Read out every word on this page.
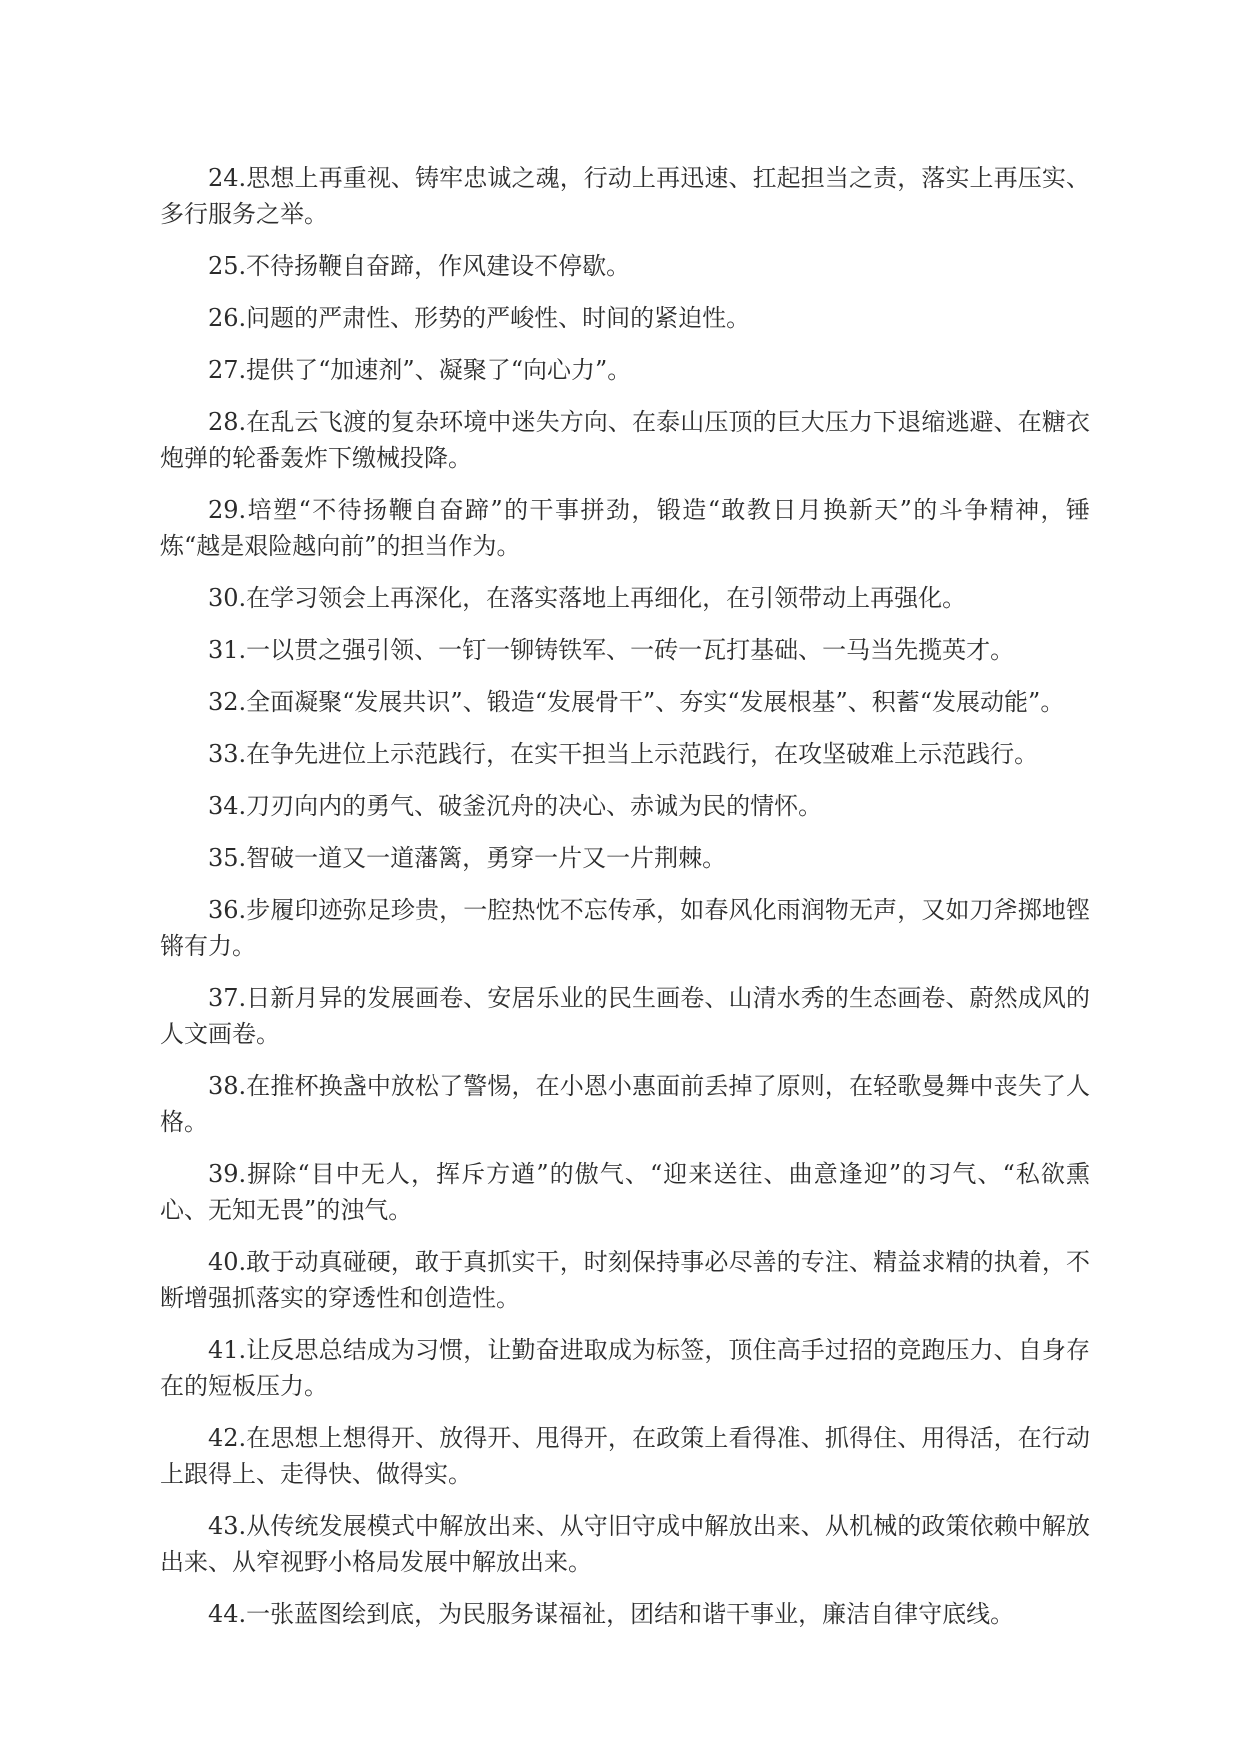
24.思想上再重视、铸牢忠诚之魂，行动上再迅速、扛起担当之责，落实上再压实、多行服务之举。

25.不待扬鞭自奋蹄，作风建设不停歇。

26.问题的严肃性、形势的严峻性、时间的紧迫性。

27.提供了“加速剂”、凝聚了“向心力”。

28.在乱云飞渡的复杂环境中迷失方向、在泰山压顶的巨大压力下退缩逃避、在糖衣炮弹的轮番轰炸下缴械投降。

29.培塑“不待扬鞭自奋蹄”的干事拼劲，锻造“敢教日月换新天”的斗争精神，锤炼“越是艰险越向前”的担当作为。

30.在学习领会上再深化，在落实落地上再细化，在引领带动上再强化。

31.一以贯之强引领、一钉一铆铸铁军、一砖一瓦打基础、一马当先揽英才。

32.全面凝聚“发展共识”、锻造“发展骨干”、夯实“发展根基”、积蓄“发展动能”。

33.在争先进位上示范践行，在实干担当上示范践行，在攻坚破难上示范践行。

34.刀刃向内的勇气、破釜沉舟的决心、赤诚为民的情怀。

35.智破一道又一道藩篱，勇穿一片又一片荆棘。

36.步履印迹弥足珍贵，一腔热忱不忘传承，如春风化雨润物无声，又如刀斧掷地铿锵有力。

37.日新月异的发展画卷、安居乐业的民生画卷、山清水秀的生态画卷、蔚然成风的人文画卷。

38.在推杯换盏中放松了警惕，在小恩小惠面前丢掉了原则，在轻歌曼舞中丧失了人格。

39.摒除“目中无人，挥斥方遒”的傲气、“迎来送往、曲意逢迎”的习气、“私欲熏心、无知无畏”的浊气。

40.敢于动真碰硬，敢于真抓实干，时刻保持事必尽善的专注、精益求精的执着，不断增强抓落实的穿透性和创造性。

41.让反思总结成为习惯，让勤奋进取成为标签，顶住高手过招的竞跑压力、自身存在的短板压力。

42.在思想上想得开、放得开、甩得开，在政策上看得准、抓得住、用得活，在行动上跟得上、走得快、做得实。

43.从传统发展模式中解放出来、从守旧守成中解放出来、从机械的政策依赖中解放出来、从窄视野小格局发展中解放出来。

44.一张蓝图绘到底，为民服务谋福祉，团结和谐干事业，廉洁自律守底线。
